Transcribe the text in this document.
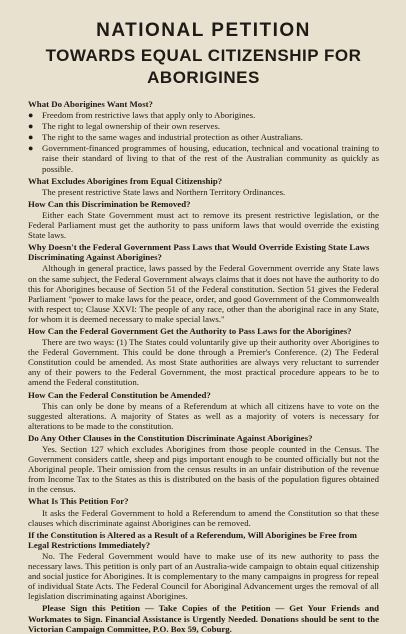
NATIONAL PETITION
TOWARDS EQUAL CITIZENSHIP FOR ABORIGINES
What Do Aborigines Want Most?
● Freedom from restrictive laws that apply only to Aborigines.
● The right to legal ownership of their own reserves.
● The right to the same wages and industrial protection as other Australians.
● Government-financed programmes of housing, education, technical and vocational training to raise their standard of living to that of the rest of the Australian community as quickly as possible.
What Excludes Aborigines from Equal Citizenship?

The present restrictive State laws and Northern Territory Ordinances.

How Can this Discrimination be Removed?

Either each State Government must act to remove its present restrictive legislation, or the Federal Parliament must get the authority to pass uniform laws that would override the existing State laws.

Why Doesn't the Federal Government Pass Laws that Would Override Existing State Laws Discriminating Against Aborigines?

Although in general practice, laws passed by the Federal Government override any State laws on the same subject, the Federal Government always claims that it does not have the authority to do this for Aborigines because of Section 51 of the Federal constitution. Section 51 gives the Federal Parliament "power to make laws for the peace, order, and good Government of the Commonwealth with respect to; Clause XXVI: The people of any race, other than the aboriginal race in any State, for whom it is deemed necessary to make special laws."

How Can the Federal Government Get the Authority to Pass Laws for the Aborigines?

There are two ways: (1) The States could voluntarily give up their authority over Aborigines to the Federal Government. This could be done through a Premier's Conference. (2) The Federal Constitution could be amended. As most State authorities are always very reluctant to surrender any of their powers to the Federal Government, the most practical procedure appears to be to amend the Federal constitution.

How Can the Federal Constitution be Amended?

This can only be done by means of a Referendum at which all citizens have to vote on the suggested alterations. A majority of States as well as a majority of voters is necessary for alterations to be made to the constitution.

Do Any Other Clauses in the Constitution Discriminate Against Aborigines?

Yes. Section 127 which excludes Aborigines from those people counted in the Census. The Government considers cattle, sheep and pigs important enough to be counted officially but not the Aboriginal people. Their omission from the census results in an unfair distribution of the revenue from Income Tax to the States as this is distributed on the basis of the population figures obtained in the census.

What Is This Petition For?

It asks the Federal Government to hold a Referendum to amend the Constitution so that these clauses which discriminate against Aborigines can be removed.

If the Constitution is Altered as a Result of a Referendum, Will Aborigines be Free from Legal Restrictions Immediately?

No. The Federal Government would have to make use of its new authority to pass the necessary laws. This petition is only part of an Australia-wide campaign to obtain equal citizenship and social justice for Aborigines. It is complementary to the many campaigns in progress for repeal of individual State Acts. The Federal Council for Aboriginal Advancement urges the removal of all legislation discriminating against Aborigines.

Please Sign this Petition — Take Copies of the Petition — Get Your Friends and Workmates to Sign. Financial Assistance is Urgently Needed. Donations should be sent to the Victorian Campaign Committee, P.O. Box 59, Coburg.
